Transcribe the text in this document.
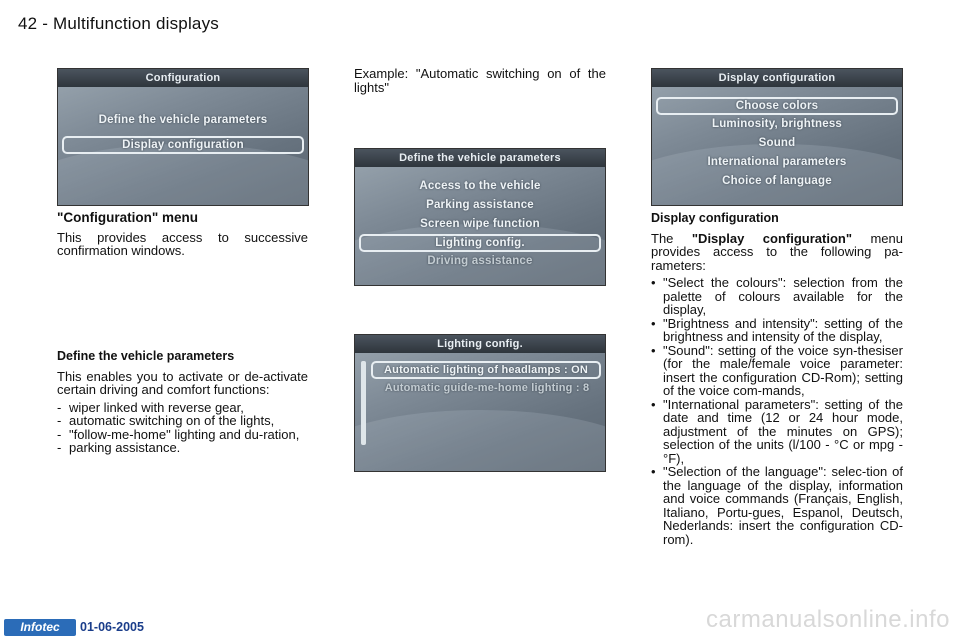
42 - Multifunction displays
Configuration
Define the vehicle parameters
Display configuration
Define the vehicle parameters
Access to the vehicle
Parking assistance
Screen wipe function
Lighting config.
Driving assistance
Lighting config.
Automatic lighting of headlamps : ON
Automatic guide-me-home lighting : 8
Display configuration
Choose colors
Luminosity, brightness
Sound
International parameters
Choice of language
"Configuration" menu
This provides access to successive confirmation windows.
Define the vehicle parameters
This enables you to activate or de-activate certain driving and comfort functions:
- wiper linked with reverse gear,
- automatic switching on of the lights,
- "follow-me-home" lighting and du-ration,
- parking assistance.
Example: "Automatic switching on of the lights"
Display configuration
The "Display configuration" menu provides access to the following pa-rameters:
• "Select the colours": selection from the palette of colours available for the display,
• "Brightness and intensity": setting of the brightness and intensity of the display,
• "Sound": setting of the voice syn-thesiser (for the male/female voice parameter: insert the configuration CD-Rom); setting of the voice com-mands,
• "International parameters": setting of the date and time (12 or 24 hour mode, adjustment of the minutes on GPS); selection of the units (l/100 - °C or mpg - °F),
• "Selection of the language": selec-tion of the language of the display, information and voice commands (Français, English, Italiano, Portu-gues, Espanol, Deutsch, Nederlands: insert the configuration CD-rom).
Infotec	01-06-2005	carmanualsonline.info
